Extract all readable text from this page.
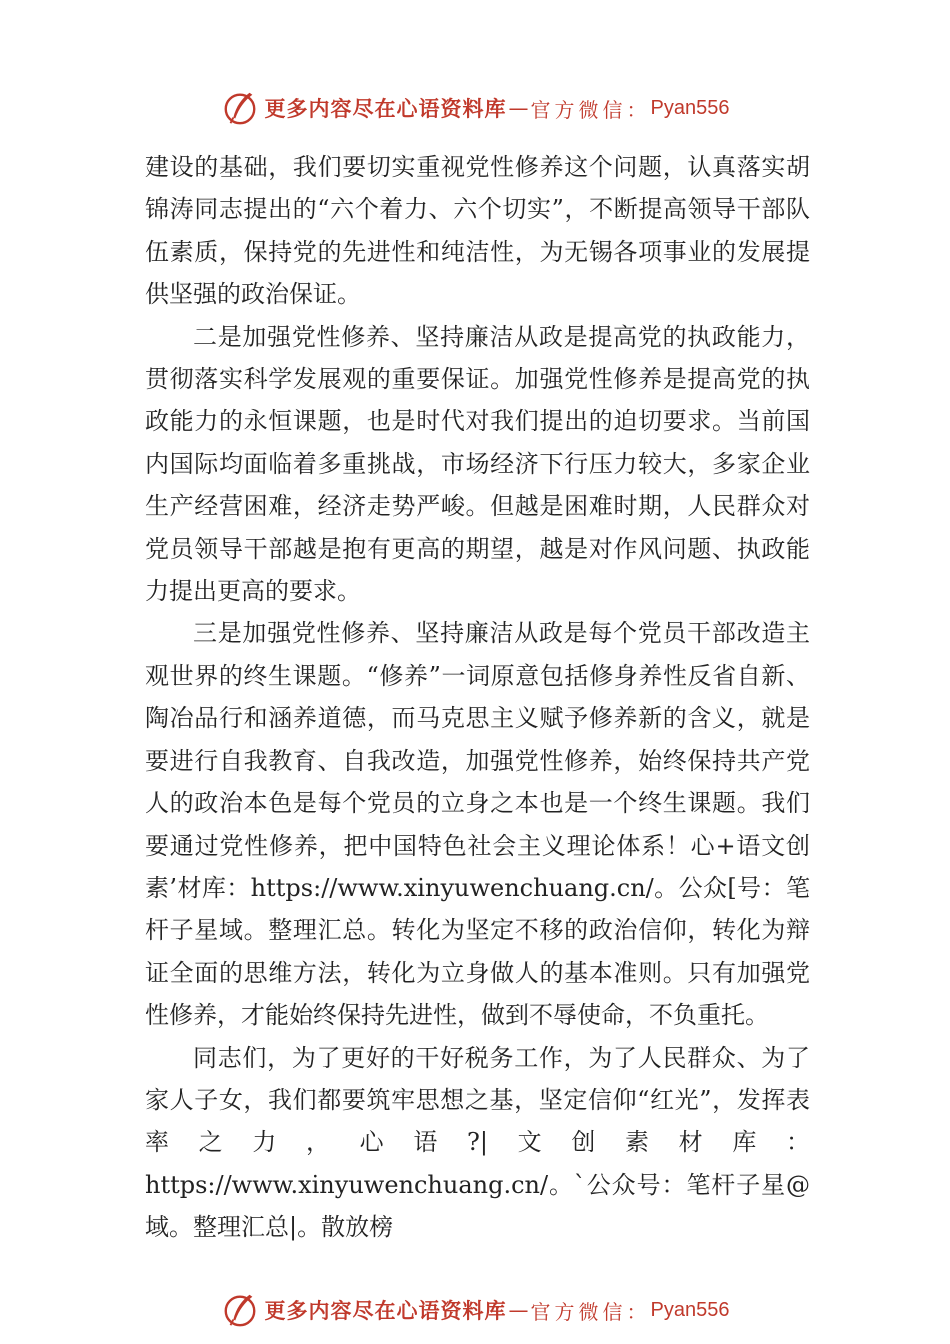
更多内容尽在心语资料库 — 官方微信： Pyan556

建设的基础，我们要切实重视党性修养这个问题，认真落实胡锦涛同志提出的“六个着力、六个切实”，不断提高领导干部队伍素质，保持党的先进性和纯洁性，为无锡各项事业的发展提供坚强的政治保证。

二是加强党性修养、坚持廉洁从政是提高党的执政能力，贯彻落实科学发展观的重要保证。加强党性修养是提高党的执政能力的永恒课题，也是时代对我们提出的迫切要求。当前国内国际均面临着多重挑战，市场经济下行压力较大，多家企业生产经营困难，经济走势严峻。但越是困难时期，人民群众对党员领导干部越是抱有更高的期望，越是对作风问题、执政能力提出更高的要求。

三是加强党性修养、坚持廉洁从政是每个党员干部改造主观世界的终生课题。“修养”一词原意包括修身养性反省自新、陶冶品行和涵养道德，而马克思主义赋予修养新的含义，就是要进行自我教育、自我改造，加强党性修养，始终保持共产党人的政治本色是每个党员的立身之本也是一个终生课题。我们要通过党性修养，把中国特色社会主义理论体系！心+语文创素’材库：https://www.xinyuwenchuang.cn/。公众[号：笔杆子星域。整理汇总。转化为坚定不移的政治信仰，转化为辩证全面的思维方法，转化为立身做人的基本准则。只有加强党性修养，才能始终保持先进性，做到不辱使命，不负重托。

同志们，为了更好的干好税务工作，为了人民群众、为了家人子女，我们都要筑牢思想之基，坚定信仰“红光”，发挥表率之力，心语?|文创素材库：https://www.xinyuwenchuang.cn/。`公众号：笔杆子星@域。整理汇总|。散放榜

更多内容尽在心语资料库 — 官方微信： Pyan556
